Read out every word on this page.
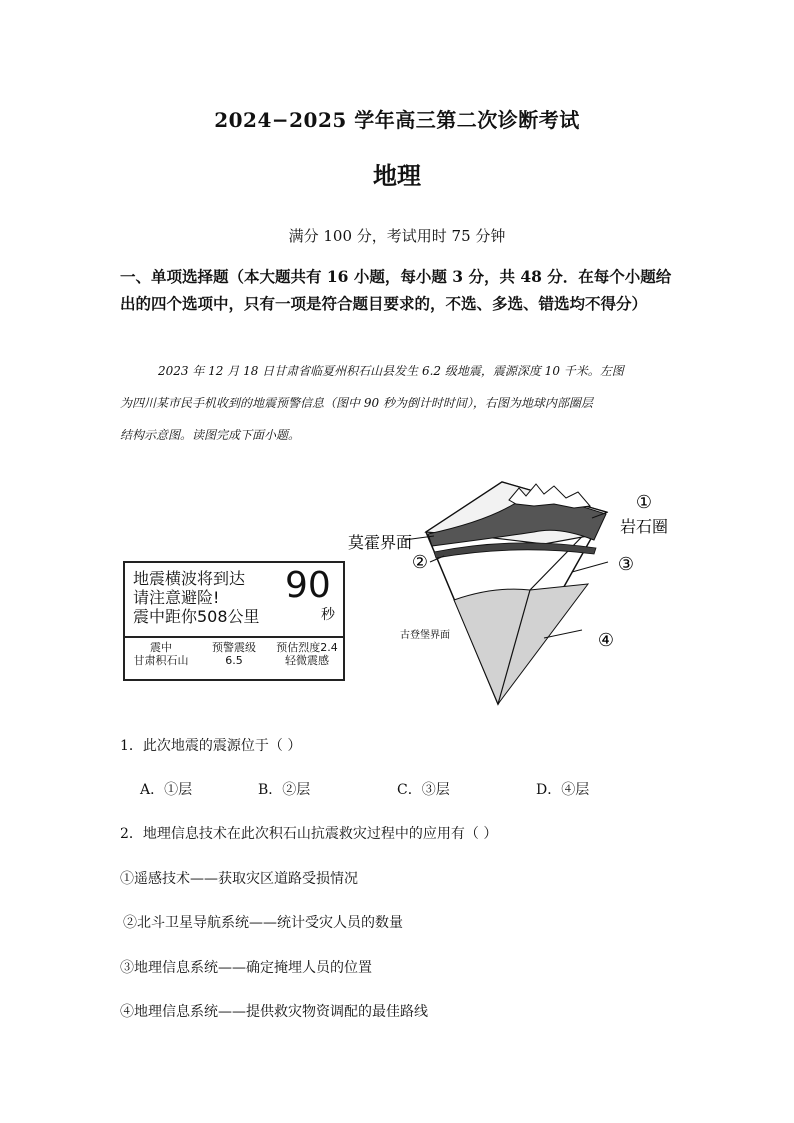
2024−2025 学年高三第二次诊断考试
地理
满分 100 分，考试用时 75 分钟
一、单项选择题（本大题共有 16 小题，每小题 3 分，共 48 分．在每个小题给
出的四个选项中，只有一项是符合题目要求的，不选、多选、错选均不得分）
2023 年 12 月 18 日甘肃省临夏州积石山县发生 6.2 级地震，震源深度 10 千米。左图
为四川某市民手机收到的地震预警信息（图中 90 秒为倒计时时间），右图为地球内部圈层
结构示意图。读图完成下面小题。
地震横波将到达
请注意避险!
震中距你508公里
90
秒
震中
甘肃积石山
预警震级
6.5
预估烈度2.4
轻微震感
①
岩石圈
莫霍界面
②	③
古登堡界面	④
1．此次地震的震源位于（ ）
A．①层	B．②层	C．③层	D．④层
2．地理信息技术在此次积石山抗震救灾过程中的应用有（ ）
①遥感技术——获取灾区道路受损情况
②北斗卫星导航系统——统计受灾人员的数量
③地理信息系统——确定掩埋人员的位置
④地理信息系统——提供救灾物资调配的最佳路线
